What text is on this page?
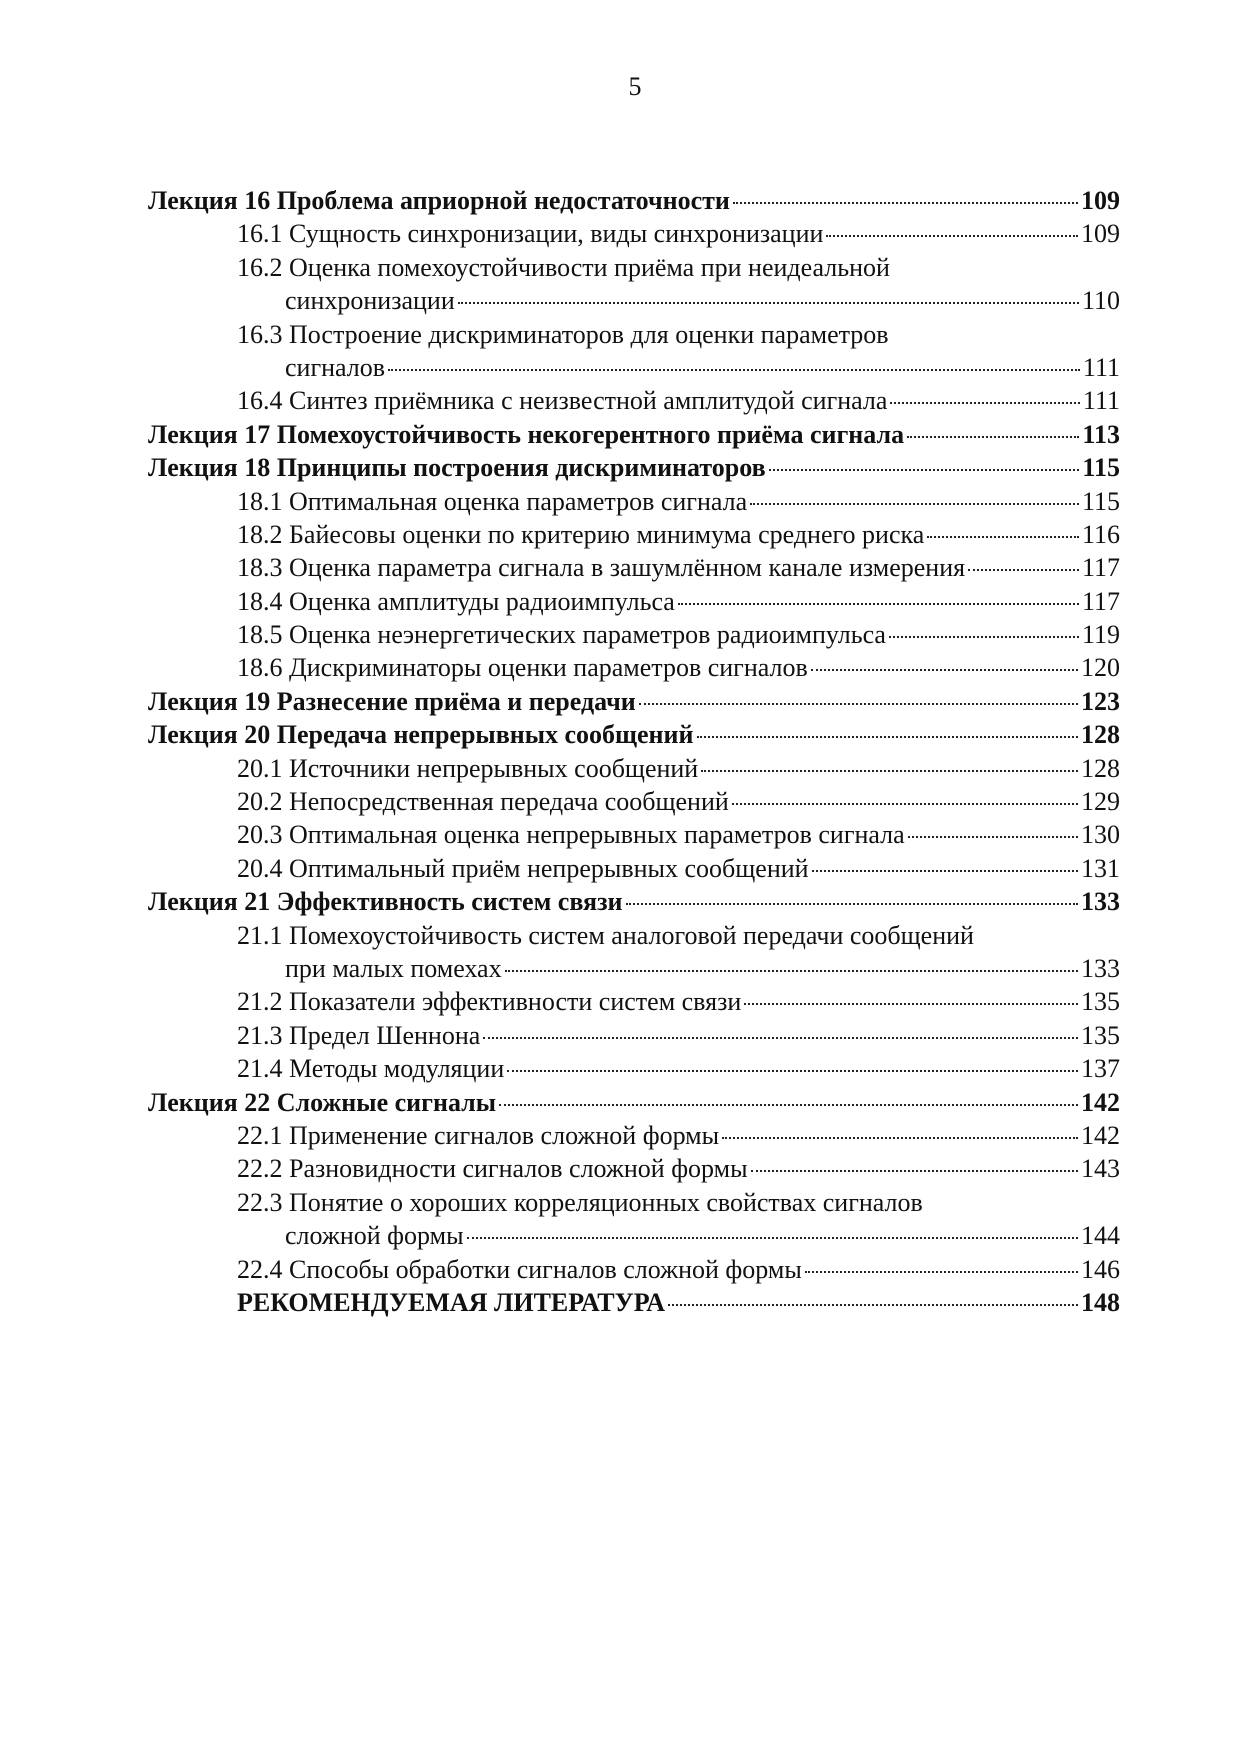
5
Лекция 16 Проблема априорной недостаточности	109
16.1 Сущность синхронизации, виды синхронизации	109
16.2 Оценка помехоустойчивости приёма при неидеальной
синхронизации	110
16.3 Построение дискриминаторов для оценки параметров
сигналов	111
16.4 Синтез приёмника с неизвестной амплитудой сигнала	111
Лекция 17 Помехоустойчивость некогерентного приёма сигнала	113
Лекция 18 Принципы построения дискриминаторов	115
18.1 Оптимальная оценка параметров сигнала	115
18.2 Байесовы оценки по критерию минимума среднего риска	116
18.3 Оценка параметра сигнала в зашумлённом канале измерения	117
18.4 Оценка амплитуды радиоимпульса	117
18.5 Оценка неэнергетических параметров радиоимпульса	119
18.6 Дискриминаторы оценки параметров сигналов	120
Лекция 19 Разнесение приёма и передачи	123
Лекция 20 Передача непрерывных сообщений	128
20.1 Источники непрерывных сообщений	128
20.2 Непосредственная передача сообщений	129
20.3 Оптимальная оценка непрерывных параметров сигнала	130
20.4 Оптимальный приём непрерывных сообщений	131
Лекция 21 Эффективность систем связи	133
21.1 Помехоустойчивость систем аналоговой передачи сообщений
при малых помехах	133
21.2 Показатели эффективности систем связи	135
21.3 Предел Шеннона	135
21.4 Методы модуляции	137
Лекция 22 Сложные сигналы	142
22.1 Применение сигналов сложной формы	142
22.2 Разновидности сигналов сложной формы	143
22.3 Понятие о хороших корреляционных свойствах сигналов
сложной формы	144
22.4 Способы обработки сигналов сложной формы	146
РЕКОМЕНДУЕМАЯ ЛИТЕРАТУРА	148
